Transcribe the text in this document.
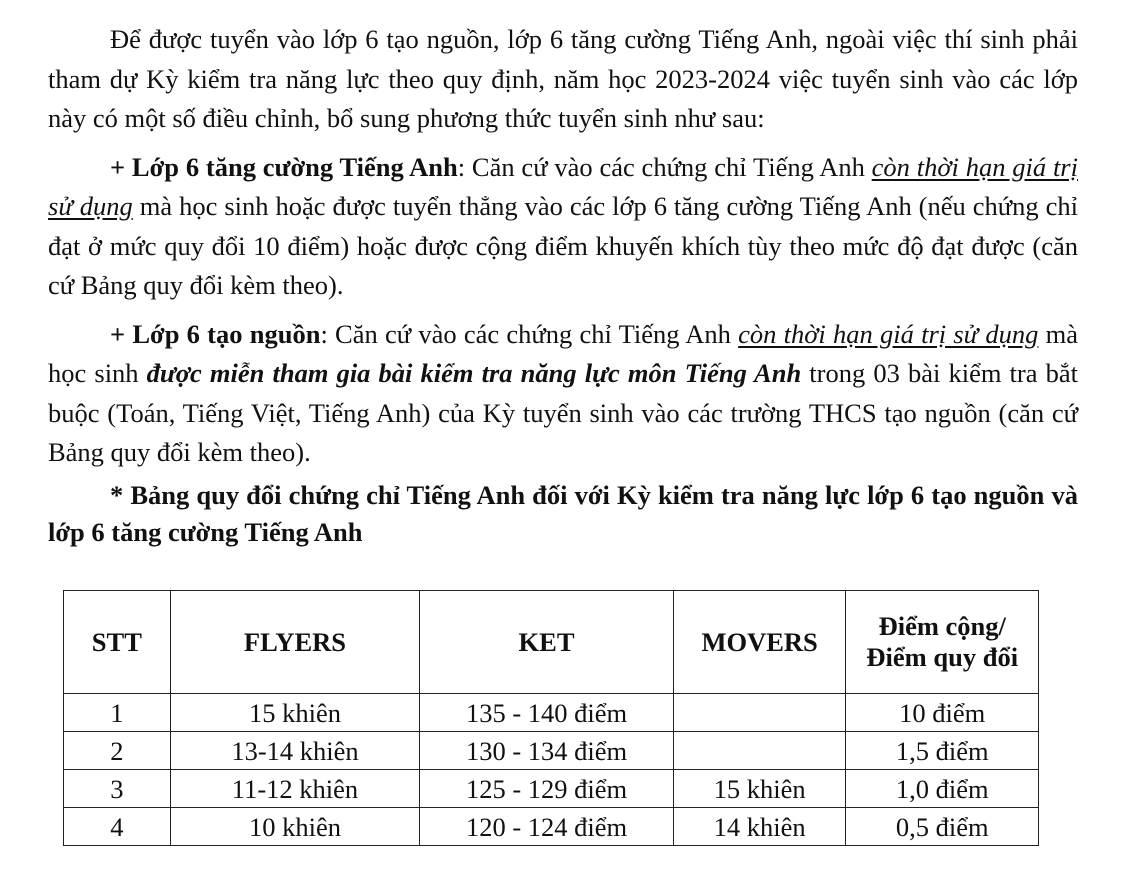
Để được tuyển vào lớp 6 tạo nguồn, lớp 6 tăng cường Tiếng Anh, ngoài việc thí sinh phải tham dự Kỳ kiểm tra năng lực theo quy định, năm học 2023-2024 việc tuyển sinh vào các lớp này có một số điều chỉnh, bổ sung phương thức tuyển sinh như sau:

+ Lớp 6 tăng cường Tiếng Anh: Căn cứ vào các chứng chỉ Tiếng Anh còn thời hạn giá trị sử dụng mà học sinh hoặc được tuyển thẳng vào các lớp 6 tăng cường Tiếng Anh (nếu chứng chỉ đạt ở mức quy đổi 10 điểm) hoặc được cộng điểm khuyến khích tùy theo mức độ đạt được (căn cứ Bảng quy đổi kèm theo).

+ Lớp 6 tạo nguồn: Căn cứ vào các chứng chỉ Tiếng Anh còn thời hạn giá trị sử dụng mà học sinh được miễn tham gia bài kiểm tra năng lực môn Tiếng Anh trong 03 bài kiểm tra bắt buộc (Toán, Tiếng Việt, Tiếng Anh) của Kỳ tuyển sinh vào các trường THCS tạo nguồn (căn cứ Bảng quy đổi kèm theo).

* Bảng quy đổi chứng chỉ Tiếng Anh đối với Kỳ kiểm tra năng lực lớp 6 tạo nguồn và lớp 6 tăng cường Tiếng Anh

STT	FLYERS	KET	MOVERS	Điểm cộng/Điểm quy đổi
1	15 khiên	135 - 140 điểm		10 điểm
2	13-14 khiên	130 - 134 điểm		1,5 điểm
3	11-12 khiên	125 - 129 điểm	15 khiên	1,0 điểm
4	10 khiên	120 - 124 điểm	14 khiên	0,5 điểm
